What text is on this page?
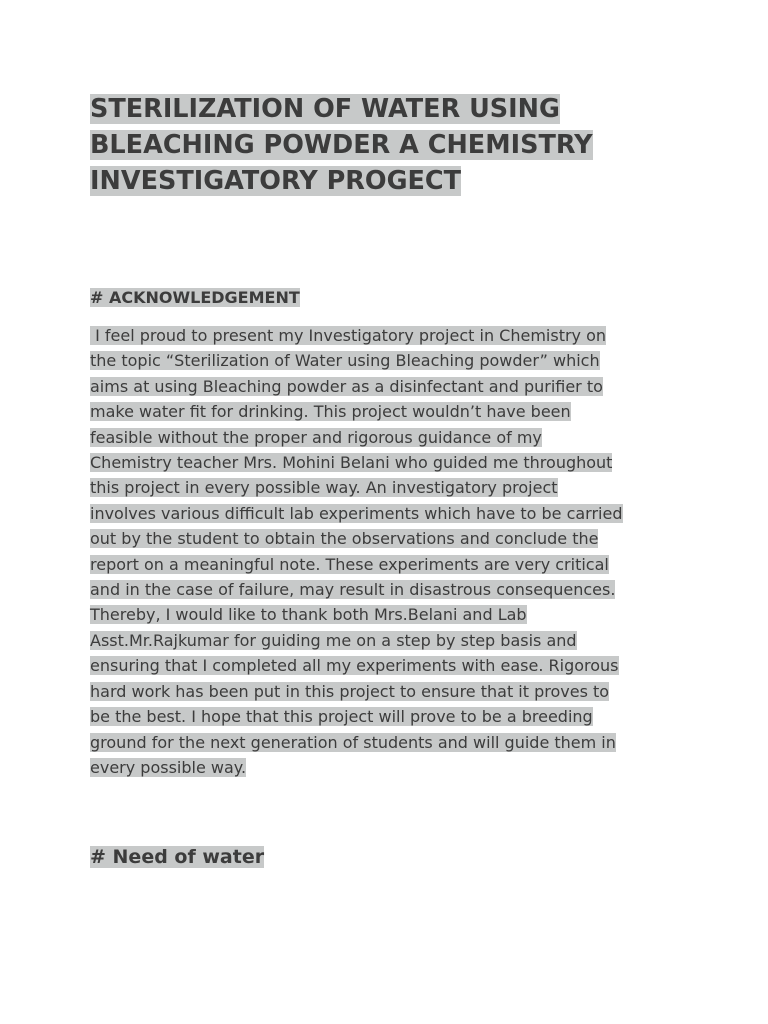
STERILIZATION OF WATER USING BLEACHING POWDER A CHEMISTRY INVESTIGATORY PROGECT
# ACKNOWLEDGEMENT

I feel proud to present my Investigatory project in Chemistry on
the topic “Sterilization of Water using Bleaching powder” which
aims at using Bleaching powder as a disinfectant and purifier to
make water fit for drinking. This project wouldn’t have been
feasible without the proper and rigorous guidance of my
Chemistry teacher Mrs. Mohini Belani who guided me throughout
this project in every possible way. An investigatory project
involves various difficult lab experiments which have to be carried
out by the student to obtain the observations and conclude the
report on a meaningful note. These experiments are very critical
and in the case of failure, may result in disastrous consequences.
Thereby, I would like to thank both Mrs.Belani and Lab
Asst.Mr.Rajkumar for guiding me on a step by step basis and
ensuring that I completed all my experiments with ease. Rigorous
hard work has been put in this project to ensure that it proves to
be the best. I hope that this project will prove to be a breeding
ground for the next generation of students and will guide them in
every possible way.

# Need of water
